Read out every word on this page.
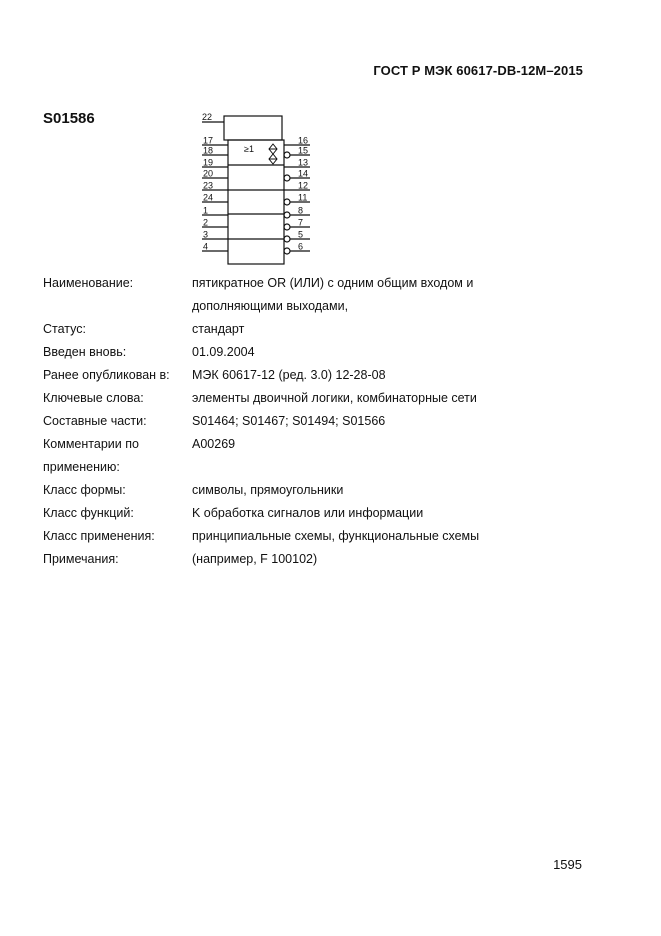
ГОСТ Р МЭК 60617-DB-12М–2015
S01586
17
18
19
20
23
24
1
2
3
4
16
15
13
14
12
11
8
7
5
6
≥1
22
Наименование:	пятикратное OR (ИЛИ) с одним общим входом и
дополняющими выходами,
Статус:	стандарт
Введен вновь:	01.09.2004
Ранее опубликован в:	МЭК 60617-12 (ред. 3.0) 12-28-08
Ключевые слова:	элементы двоичной логики, комбинаторные сети
Составные части:	S01464; S01467; S01494; S01566
Комментарии по	A00269
применению:
Класс формы:	символы, прямоугольники
Класс функций:	K обработка сигналов или информации
Класс применения:	принципиальные схемы, функциональные схемы
Примечания:	(например, F 100102)
1595
